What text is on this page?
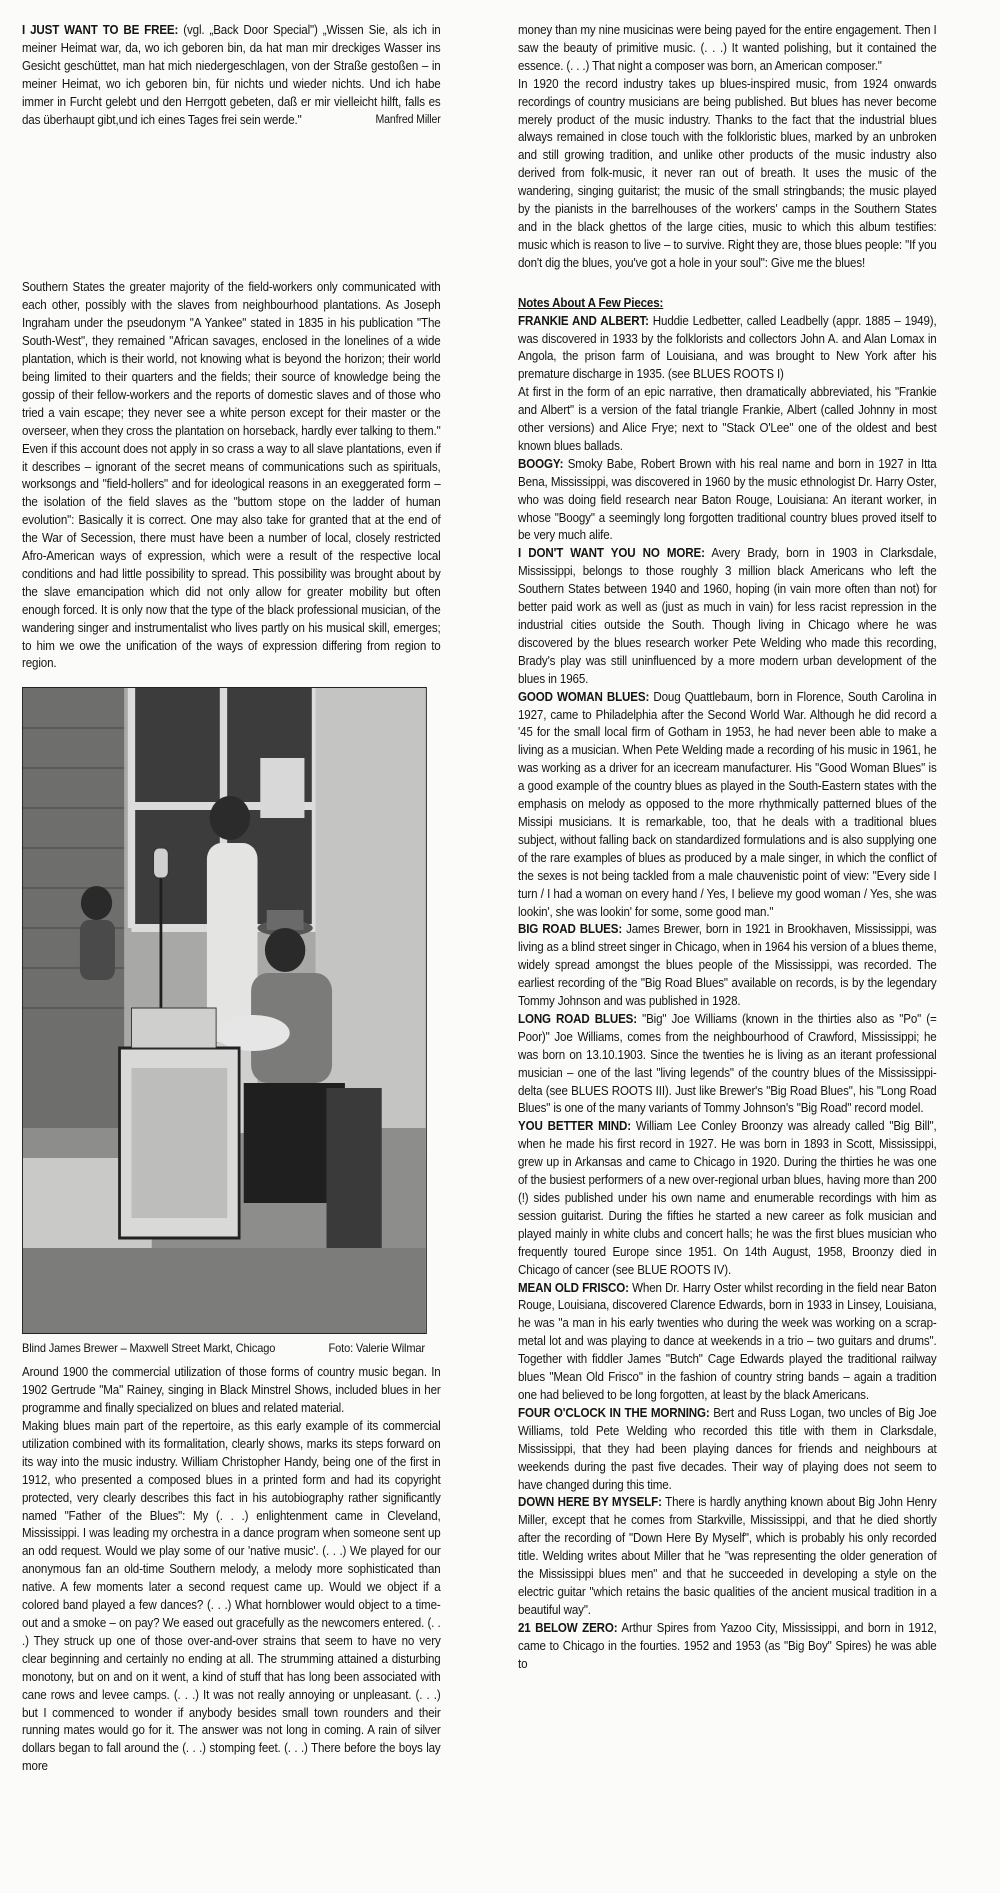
I JUST WANT TO BE FREE: (vgl. „Back Door Special") „Wissen Sie, als ich in meiner Heimat war, da, wo ich geboren bin, da hat man mir dreckiges Wasser ins Gesicht geschüttet, man hat mich niedergeschlagen, von der Straße gestoßen – in meiner Heimat, wo ich geboren bin, für nichts und wieder nichts. Und ich habe immer in Furcht gelebt und den Herrgott gebeten, daß er mir vielleicht hilft, falls es das überhaupt gibt,und ich eines Tages frei sein werde."	Manfred Miller

Southern States the greater majority of the field-workers only communicated with each other, possibly with the slaves from neighbourhood plantations. As Joseph Ingraham under the pseudonym "A Yankee" stated in 1835 in his publication "The South-West", they remained "African savages, enclosed in the lonelines of a wide plantation, which is their world, not knowing what is beyond the horizon; their world being limited to their quarters and the fields; their source of knowledge being the gossip of their fellow-workers and the reports of domestic slaves and of those who tried a vain escape; they never see a white person except for their master or the overseer, when they cross the plantation on horseback, hardly ever talking to them." Even if this account does not apply in so crass a way to all slave plantations, even if it describes – ignorant of the secret means of communications such as spirituals, worksongs and "field-hollers" and for ideological reasons in an exeggerated form – the isolation of the field slaves as the "buttom stope on the ladder of human evolution": Basically it is correct. One may also take for granted that at the end of the War of Secession, there must have been a number of local, closely restricted Afro-American ways of expression, which were a result of the respective local conditions and had little possibility to spread. This possibility was brought about by the slave emancipation which did not only allow for greater mobility but often enough forced. It is only now that the type of the black professional musician, of the wandering singer and instrumentalist who lives partly on his musical skill, emerges; to him we owe the unification of the ways of expression differing from region to region.

Blind James Brewer – Maxwell Street Markt, Chicago	Foto: Valerie Wilmar

Around 1900 the commercial utilization of those forms of country music began. In 1902 Gertrude "Ma" Rainey, singing in Black Minstrel Shows, included blues in her programme and finally specialized on blues and related material.

Making blues main part of the repertoire, as this early example of its commercial utilization combined with its formalitation, clearly shows, marks its steps forward on its way into the music industry. William Christopher Handy, being one of the first in 1912, who presented a composed blues in a printed form and had its copyright protected, very clearly describes this fact in his autobiography rather significantly named "Father of the Blues": My (. . .) enlightenment came in Cleveland, Mississippi. I was leading my orchestra in a dance program when someone sent up an odd request. Would we play some of our 'native music'. (. . .) We played for our anonymous fan an old-time Southern melody, a melody more sophisticated than native. A few moments later a second request came up. Would we object if a colored band played a few dances? (. . .) What hornblower would object to a time-out and a smoke – on pay? We eased out gracefully as the newcomers entered. (. . .) They struck up one of those over-and-over strains that seem to have no very clear beginning and certainly no ending at all. The strumming attained a disturbing monotony, but on and on it went, a kind of stuff that has long been associated with cane rows and levee camps. (. . .) It was not really annoying or unpleasant. (. . .) but I commenced to wonder if anybody besides small town rounders and their running mates would go for it. The answer was not long in coming. A rain of silver dollars began to fall around the (. . .) stomping feet. (. . .) There before the boys lay more

money than my nine musicinas were being payed for the entire engagement. Then I saw the beauty of primitive music. (. . .) It wanted polishing, but it contained the essence. (. . .) That night a composer was born, an American composer."

In 1920 the record industry takes up blues-inspired music, from 1924 onwards recordings of country musicians are being published. But blues has never become merely product of the music industry. Thanks to the fact that the industrial blues always remained in close touch with the folkloristic blues, marked by an unbroken and still growing tradition, and unlike other products of the music industry also derived from folk-music, it never ran out of breath. It uses the music of the wandering, singing guitarist; the music of the small stringbands; the music played by the pianists in the barrelhouses of the workers' camps in the Southern States and in the black ghettos of the large cities, music to which this album testifies: music which is reason to live – to survive. Right they are, those blues people: "If you don't dig the blues, you've got a hole in your soul": Give me the blues!

Notes About A Few Pieces:

FRANKIE AND ALBERT: Huddie Ledbetter, called Leadbelly (appr. 1885 – 1949), was discovered in 1933 by the folklorists and collectors John A. and Alan Lomax in Angola, the prison farm of Louisiana, and was brought to New York after his premature discharge in 1935. (see BLUES ROOTS I)

At first in the form of an epic narrative, then dramatically abbreviated, his "Frankie and Albert" is a version of the fatal triangle Frankie, Albert (called Johnny in most other versions) and Alice Frye; next to "Stack O'Lee" one of the oldest and best known blues ballads.

BOOGY: Smoky Babe, Robert Brown with his real name and born in 1927 in Itta Bena, Mississippi, was discovered in 1960 by the music ethnologist Dr. Harry Oster, who was doing field research near Baton Rouge, Louisiana: An iterant worker, in whose "Boogy" a seemingly long forgotten traditional country blues proved itself to be very much alife.

I DON'T WANT YOU NO MORE: Avery Brady, born in 1903 in Clarksdale, Mississippi, belongs to those roughly 3 million black Americans who left the Southern States between 1940 and 1960, hoping (in vain more often than not) for better paid work as well as (just as much in vain) for less racist repression in the industrial cities outside the South. Though living in Chicago where he was discovered by the blues research worker Pete Welding who made this recording, Brady's play was still uninfluenced by a more modern urban development of the blues in 1965.

GOOD WOMAN BLUES: Doug Quattlebaum, born in Florence, South Carolina in 1927, came to Philadelphia after the Second World War. Although he did record a '45 for the small local firm of Gotham in 1953, he had never been able to make a living as a musician. When Pete Welding made a recording of his music in 1961, he was working as a driver for an icecream manufacturer. His "Good Woman Blues" is a good example of the country blues as played in the South-Eastern states with the emphasis on melody as opposed to the more rhythmically patterned blues of the Missipi musicians. It is remarkable, too, that he deals with a traditional blues subject, without falling back on standardized formulations and is also supplying one of the rare examples of blues as produced by a male singer, in which the conflict of the sexes is not being tackled from a male chauvenistic point of view: "Every side I turn / I had a woman on every hand / Yes, I believe my good woman / Yes, she was lookin', she was lookin' for some, some good man."

BIG ROAD BLUES: James Brewer, born in 1921 in Brookhaven, Mississippi, was living as a blind street singer in Chicago, when in 1964 his version of a blues theme, widely spread amongst the blues people of the Mississippi, was recorded. The earliest recording of the "Big Road Blues" available on records, is by the legendary Tommy Johnson and was published in 1928.

LONG ROAD BLUES: "Big" Joe Williams (known in the thirties also as "Po" (= Poor)" Joe Williams, comes from the neighbourhood of Crawford, Mississippi; he was born on 13.10.1903. Since the twenties he is living as an iterant professional musician – one of the last "living legends" of the country blues of the Mississippi-delta (see BLUES ROOTS III). Just like Brewer's "Big Road Blues", his "Long Road Blues" is one of the many variants of Tommy Johnson's "Big Road" record model.

YOU BETTER MIND: William Lee Conley Broonzy was already called "Big Bill", when he made his first record in 1927. He was born in 1893 in Scott, Mississippi, grew up in Arkansas and came to Chicago in 1920. During the thirties he was one of the busiest performers of a new over-regional urban blues, having more than 200 (!) sides published under his own name and enumerable recordings with him as session guitarist. During the fifties he started a new career as folk musician and played mainly in white clubs and concert halls; he was the first blues musician who frequently toured Europe since 1951. On 14th August, 1958, Broonzy died in Chicago of cancer (see BLUE ROOTS IV).

MEAN OLD FRISCO: When Dr. Harry Oster whilst recording in the field near Baton Rouge, Louisiana, discovered Clarence Edwards, born in 1933 in Linsey, Louisiana, he was "a man in his early twenties who during the week was working on a scrap-metal lot and was playing to dance at weekends in a trio – two guitars and drums". Together with fiddler James "Butch" Cage Edwards played the traditional railway blues "Mean Old Frisco" in the fashion of country string bands – again a tradition one had believed to be long forgotten, at least by the black Americans.

FOUR O'CLOCK IN THE MORNING: Bert and Russ Logan, two uncles of Big Joe Williams, told Pete Welding who recorded this title with them in Clarksdale, Mississippi, that they had been playing dances for friends and neighbours at weekends during the past five decades. Their way of playing does not seem to have changed during this time.

DOWN HERE BY MYSELF: There is hardly anything known about Big John Henry Miller, except that he comes from Starkville, Mississippi, and that he died shortly after the recording of "Down Here By Myself", which is probably his only recorded title. Welding writes about Miller that he "was representing the older generation of the Mississippi blues men" and that he succeeded in developing a style on the electric guitar "which retains the basic qualities of the ancient musical tradition in a beautiful way".

21 BELOW ZERO: Arthur Spires from Yazoo City, Mississippi, and born in 1912, came to Chicago in the fourties. 1952 and 1953 (as "Big Boy" Spires) he was able to
